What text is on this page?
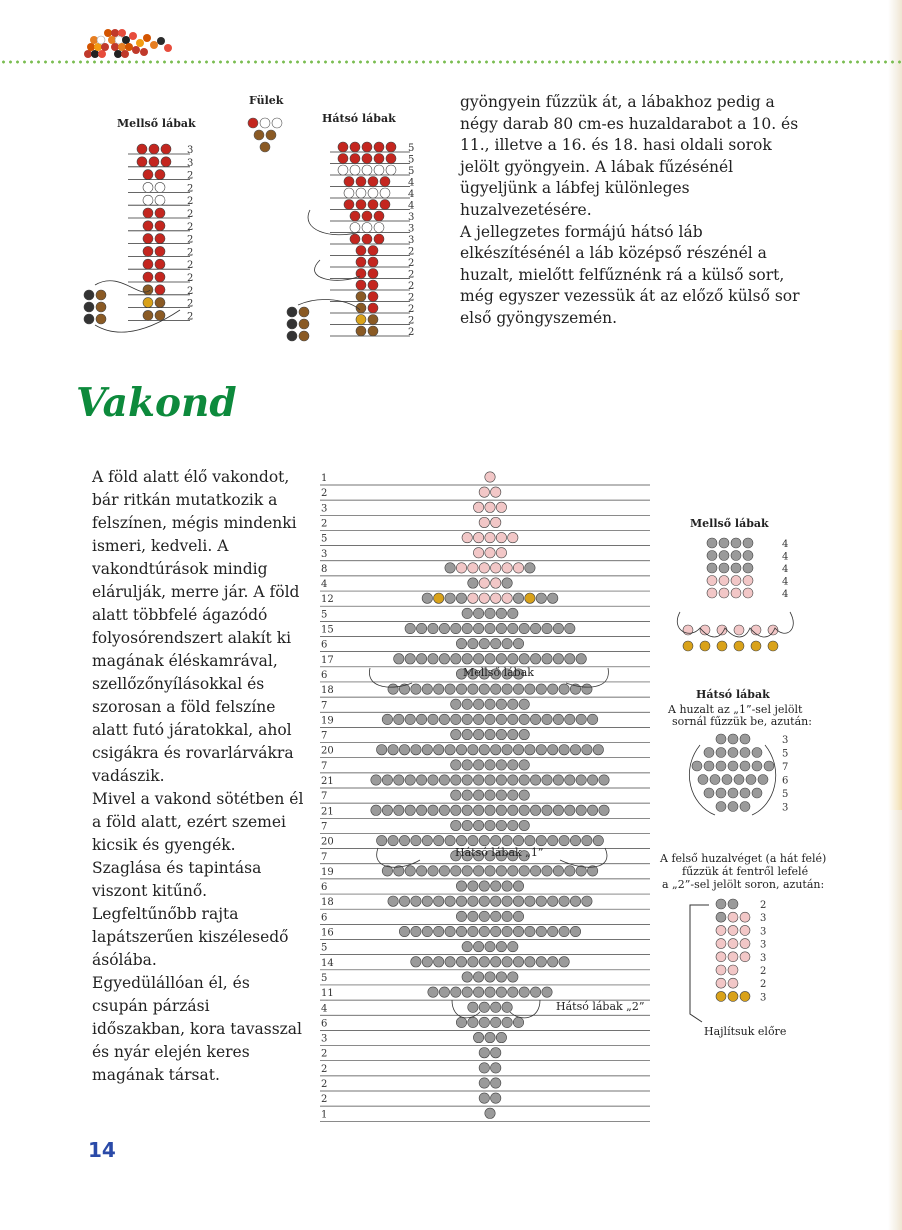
Mellső lábak
3
3
2
2
2
2
2
2
2
2
2
2
2
2
Fülek
Hátsó lábak
5
5
5
4
4
4
3
3
3
2
2
2
2
2
2
2
2
1
2
3
2
5
3
8
4
12
5
15
6
17
6
18
7
19
7
20
7
21
7
21
7
20
7
19
6
18
6
16
5
14
5
11
4
6
3
2
2
2
2
1
Mellső lábak
Hátsó lábak „1”
Hátsó lábak „2”
Mellső lábak
4
4
4
4
4
Hátsó lábak
A huzalt az „1”-sel jelölt
sornál fűzzük be, azután:
3
5
7
6
5
3
A felső huzalvéget (a hát felé)
fűzzük át fentről lefelé
a „2”-sel jelölt soron, azután:
2
3
3
3
3
2
2
3
Hajlítsuk előre

gyöngyein fűzzük át, a lábakhoz pedig a négy darab 80 cm-es huzaldarabot a 10. és 11., illetve a 16. és 18. hasi oldali sorok jelölt gyöngyein. A lábak fűzésénél ügyeljünk a lábfej különleges huzalvezetésére.

A jellegzetes formájú hátsó láb elkészítésénél a láb középső részénél a huzalt, mielőtt felfűznénk rá a külső sort, még egyszer vezessük át az előző külső sor első gyöngyszemén.

Vakond

A föld alatt élő vakondot, bár ritkán mutatkozik a felszínen, mégis mindenki ismeri, kedveli. A vakondtúrások mindig elárulják, merre jár. A föld alatt többfelé ágazódó folyosórendszert alakít ki magának éléskamrával, szellőzőnyílásokkal és szorosan a föld felszíne alatt futó járatokkal, ahol csigákra és rovarlárvákra vadászik.

Mivel a vakond sötétben él a föld alatt, ezért szemei kicsik és gyengék. Szaglása és tapintása viszont kitűnő. Legfeltűnőbb rajta lapátszerűen kiszélesedő ásólába.

Egyedülállóan él, és csupán párzási időszakban, kora tavasszal és nyár elején keres magának társat.

14
